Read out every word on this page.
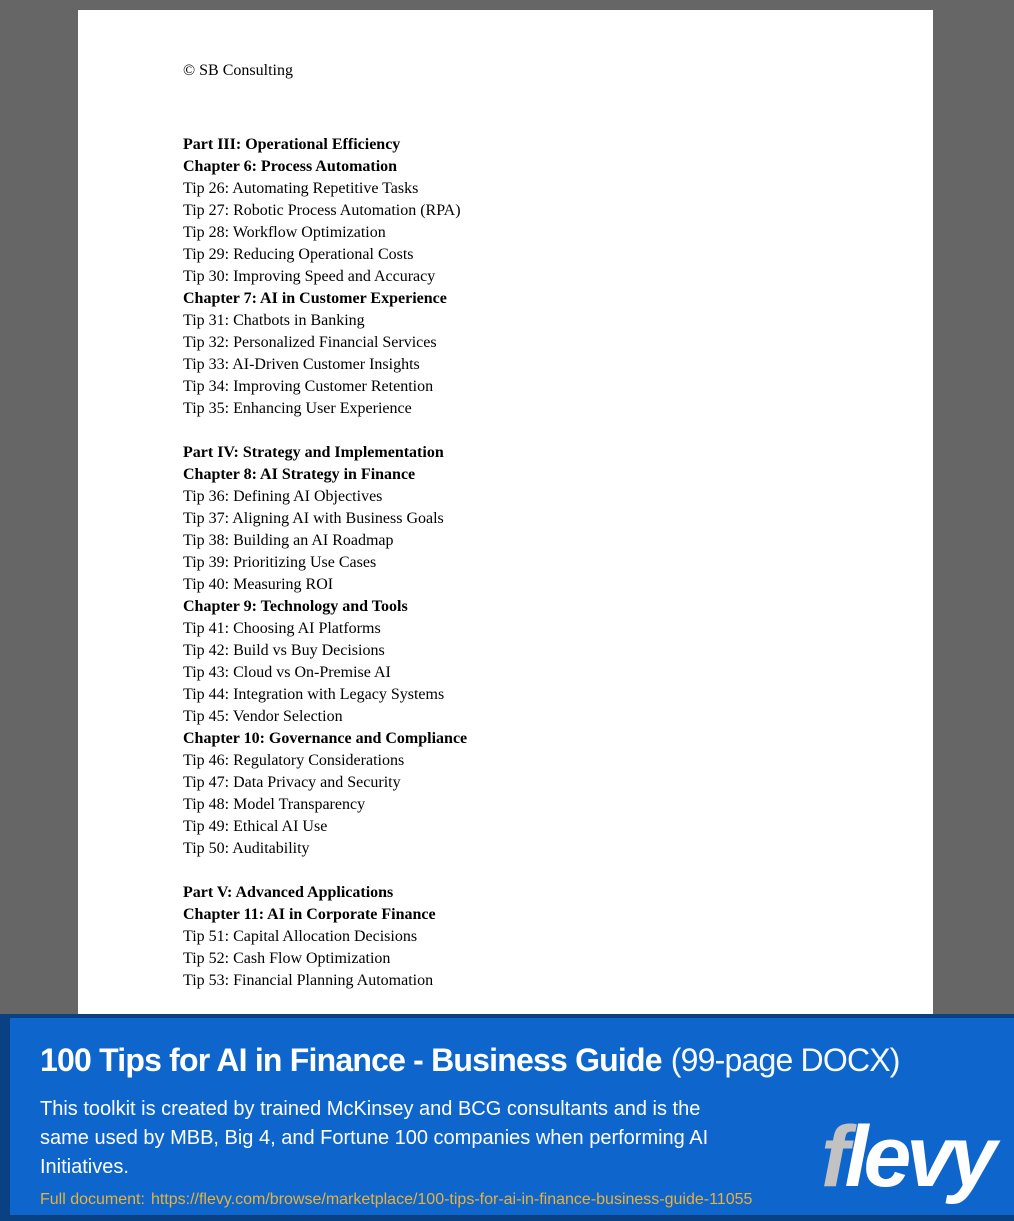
© SB Consulting
Part III: Operational Efficiency
Chapter 6: Process Automation
Tip 26: Automating Repetitive Tasks
Tip 27: Robotic Process Automation (RPA)
Tip 28: Workflow Optimization
Tip 29: Reducing Operational Costs
Tip 30: Improving Speed and Accuracy
Chapter 7: AI in Customer Experience
Tip 31: Chatbots in Banking
Tip 32: Personalized Financial Services
Tip 33: AI-Driven Customer Insights
Tip 34: Improving Customer Retention
Tip 35: Enhancing User Experience

Part IV: Strategy and Implementation
Chapter 8: AI Strategy in Finance
Tip 36: Defining AI Objectives
Tip 37: Aligning AI with Business Goals
Tip 38: Building an AI Roadmap
Tip 39: Prioritizing Use Cases
Tip 40: Measuring ROI
Chapter 9: Technology and Tools
Tip 41: Choosing AI Platforms
Tip 42: Build vs Buy Decisions
Tip 43: Cloud vs On-Premise AI
Tip 44: Integration with Legacy Systems
Tip 45: Vendor Selection
Chapter 10: Governance and Compliance
Tip 46: Regulatory Considerations
Tip 47: Data Privacy and Security
Tip 48: Model Transparency
Tip 49: Ethical AI Use
Tip 50: Auditability

Part V: Advanced Applications
Chapter 11: AI in Corporate Finance
Tip 51: Capital Allocation Decisions
Tip 52: Cash Flow Optimization
Tip 53: Financial Planning Automation
100 Tips for AI in Finance - Business Guide (99-page DOCX)
This toolkit is created by trained McKinsey and BCG consultants and is the
same used by MBB, Big 4, and Fortune 100 companies when performing AI
Initiatives.
Full document: https://flevy.com/browse/marketplace/100-tips-for-ai-in-finance-business-guide-11055 flevy
